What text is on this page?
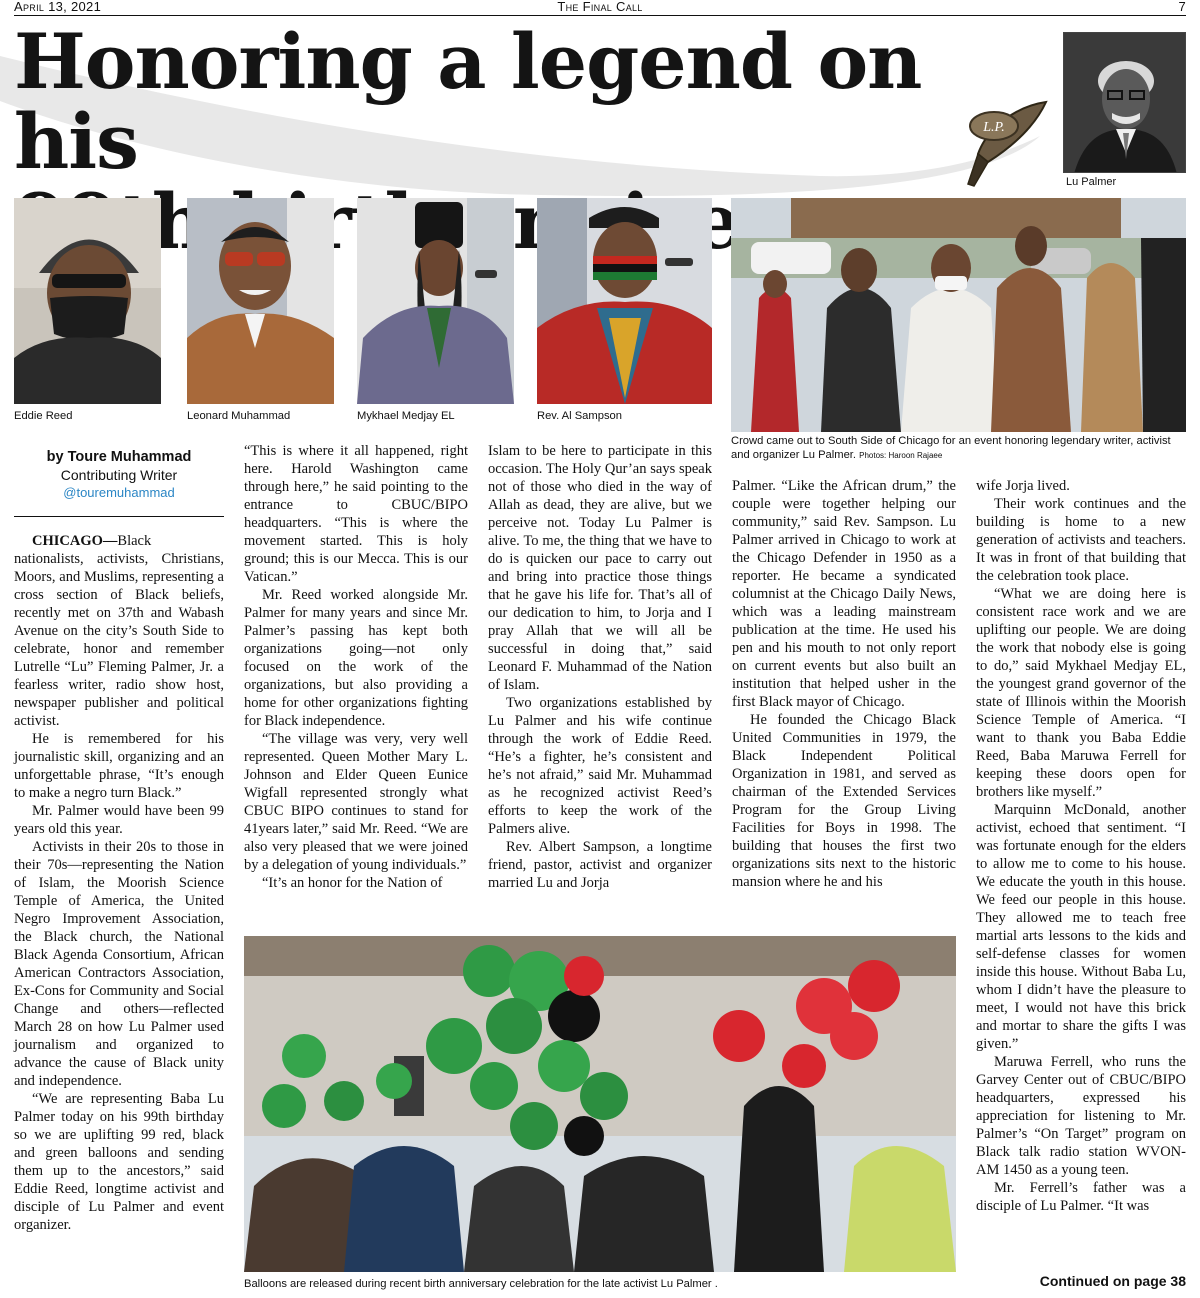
April 13, 2021	The Final Call	7
Honoring a legend on his
birth
L.P.
Lu Palmer
Eddie Reed	Leonard Muhammad	Mykhael Medjay EL	Rev. Al Sampson
Crowd came out to South Side of Chicago for an event honoring legendary writer, activist and organizer Lu Palmer. Photos: Haroon Rajaee
by Toure Muhammad
Contributing Writer
@touremuhammad

CHICAGO—Black nationalists, activists, Christians, Moors, and Muslims, representing a cross section of Black beliefs, recently met on 37th and Wabash Avenue on the city’s South Side to celebrate, honor and remember Lutrelle “Lu” Fleming Palmer, Jr. a fearless writer, radio show host, newspaper publisher and political activist.

He is remembered for his journalistic skill, organizing and an unforgettable phrase, “It’s enough to make a negro turn Black.”

Mr. Palmer would have been 99 years old this year.

Activists in their 20s to those in their 70s—representing the Nation of Islam, the Moorish Science Temple of America, the United Negro Improvement Association, the Black church, the National Black Agenda Consortium, African American Contractors Association, Ex-Cons for Community and Social Change and others—reflected March 28 on how Lu Palmer used journalism and organized to advance the cause of Black unity and independence.

“We are representing Baba Lu Palmer today on his 99th birthday so we are uplifting 99 red, black and green balloons and sending them up to the ancestors,” said Eddie Reed, longtime activist and disciple of Lu Palmer and event organizer.

“This is where it all happened, right here. Harold Washington came through here,” he said pointing to the entrance to CBUC/BIPO headquarters. “This is where the movement started. This is holy ground; this is our Mecca. This is our Vatican.”

Mr. Reed worked alongside Mr. Palmer for many years and since Mr. Palmer’s passing has kept both organizations going—not only focused on the work of the organizations, but also providing a home for other organizations fighting for Black independence.

“The village was very, very well represented. Queen Mother Mary L. Johnson and Elder Queen Eunice Wigfall represented strongly what CBUC BIPO continues to stand for 41years later,” said Mr. Reed. “We are also very pleased that we were joined by a delegation of young individuals.”

“It’s an honor for the Nation of

Islam to be here to participate in this occasion. The Holy Qur’an says speak not of those who died in the way of Allah as dead, they are alive, but we perceive not. Today Lu Palmer is alive. To me, the thing that we have to do is quicken our pace to carry out and bring into practice those things that he gave his life for. That’s all of our dedication to him, to Jorja and I pray Allah that we will all be successful in doing that,” said Leonard F. Muhammad of the Nation of Islam.

Two organizations established by Lu Palmer and his wife continue through the work of Eddie Reed. “He’s a fighter, he’s consistent and he’s not afraid,” said Mr. Muhammad as he recognized activist Reed’s efforts to keep the work of the Palmers alive.

Rev. Albert Sampson, a longtime friend, pastor, activist and organizer married Lu and Jorja

Palmer. “Like the African drum,” the couple were together helping our community,” said Rev. Sampson. Lu Palmer arrived in Chicago to work at the Chicago Defender in 1950 as a reporter. He became a syndicated columnist at the Chicago Daily News, which was a leading mainstream publication at the time. He used his pen and his mouth to not only report on current events but also built an institution that helped usher in the first Black mayor of Chicago.

He founded the Chicago Black United Communities in 1979, the Black Independent Political Organization in 1981, and served as chairman of the Extended Services Program for the Group Living Facilities for Boys in 1998. The building that houses the first two organizations sits next to the historic mansion where he and his

wife Jorja lived.

Their work continues and the building is home to a new generation of activists and teachers. It was in front of that building that the celebration took place.

“What we are doing here is consistent race work and we are uplifting our people. We are doing the work that nobody else is going to do,” said Mykhael Medjay EL, the youngest grand governor of the state of Illinois within the Moorish Science Temple of America. “I want to thank you Baba Eddie Reed, Baba Maruwa Ferrell for keeping these doors open for brothers like myself.”

Marquinn McDonald, another activist, echoed that sentiment. “I was fortunate enough for the elders to allow me to come to his house. We educate the youth in this house. We feed our people in this house. They allowed me to teach free martial arts lessons to the kids and self-defense classes for women inside this house. Without Baba Lu, whom I didn’t have the pleasure to meet, I would not have this brick and mortar to share the gifts I was given.”

Maruwa Ferrell, who runs the Garvey Center out of CBUC/BIPO headquarters, expressed his appreciation for listening to Mr. Palmer’s “On Target” program on Black talk radio station WVON-AM 1450 as a young teen.

Mr. Ferrell’s father was a disciple of Lu Palmer. “It was

Balloons are released during recent birth anniversary celebration for the late activist Lu Palmer .	Continued on page 38
